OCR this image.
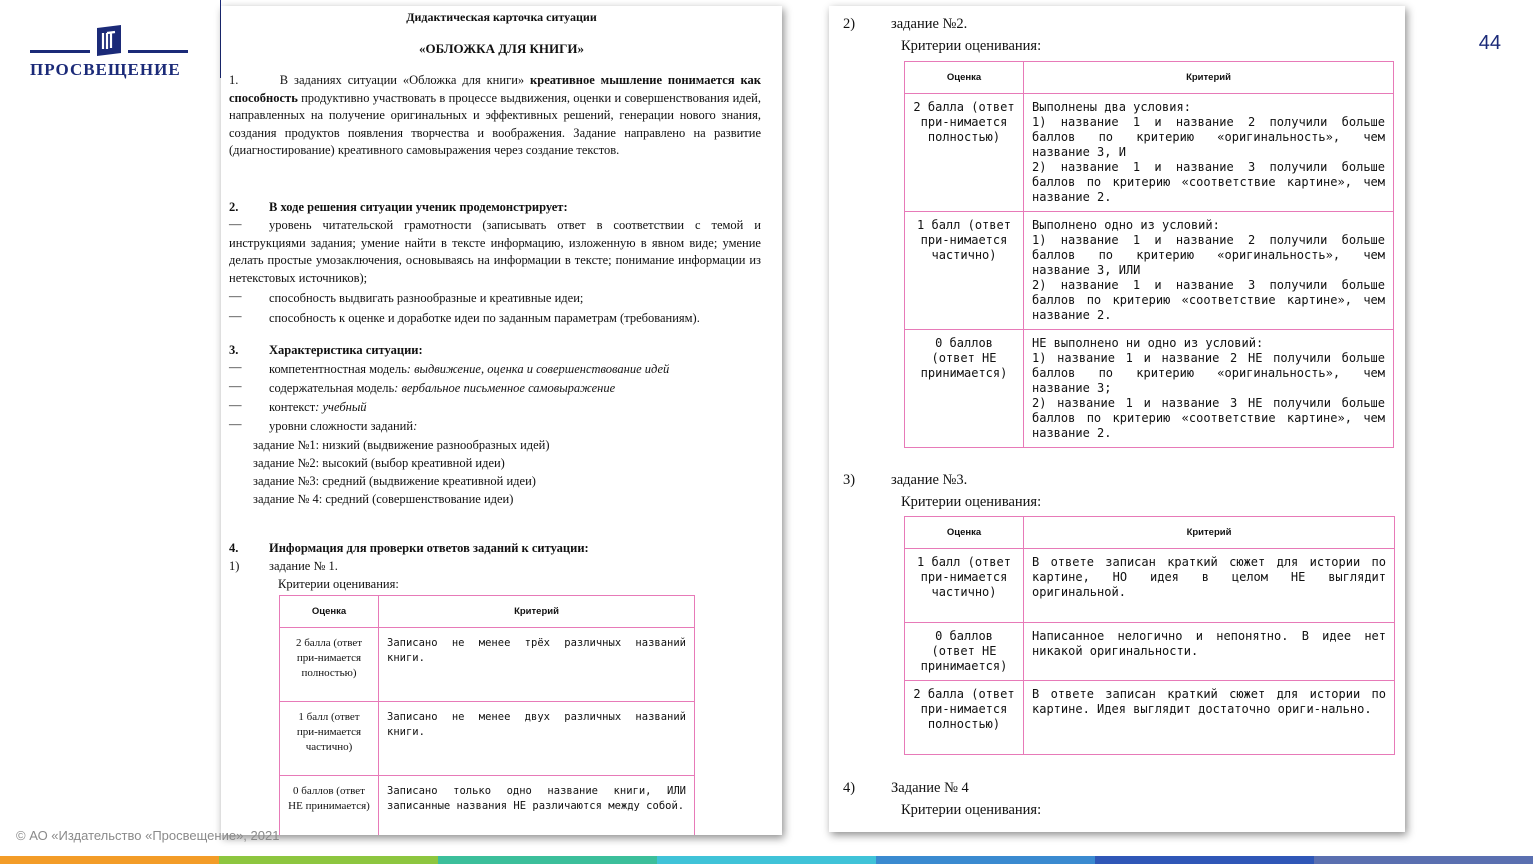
ПРОСВЕЩЕНИЕ
44
Дидактическая карточка ситуации
«ОБЛОЖКА ДЛЯ КНИГИ»
1.	В заданиях ситуации «Обложка для книги» креативное мышление понимается как способность продуктивно участвовать в процессе выдвижения, оценки и совершенствования идей, направленных на получение оригинальных и эффективных решений, генерации нового знания, создания продуктов появления творчества и воображения. Задание направлено на развитие (диагностирование) креативного самовыражения через создание текстов.
2. В ходе решения ситуации ученик продемонстрирует:
—	уровень читательской грамотности (записывать ответ в соответствии с темой и инструкциями задания; умение найти в тексте информацию, изложенную в явном виде; умение делать простые умозаключения, основываясь на информации в тексте; понимание информации из нетекстовых источников);
— способность выдвигать разнообразные и креативные идеи;
— способность к оценке и доработке идеи по заданным параметрам (требованиям).
3. Характеристика ситуации:
— компетентностная модель: выдвижение, оценка и совершенствование идей
— содержательная модель: вербальное письменное самовыражение
— контекст: учебный
— уровни сложности заданий:
задание №1: низкий (выдвижение разнообразных идей)
задание №2: высокий (выбор креативной идеи)
задание №3: средний (выдвижение креативной идеи)
задание № 4: средний (совершенствование идеи)
4. Информация для проверки ответов заданий к ситуации:
1) задание № 1.
Критерии оценивания:
Оценка	Критерий
2 балла (ответ при-нимается полностью)	Записано не менее трёх различных названий книги.
1 балл (ответ при-нимается частично)	Записано не менее двух различных названий книги.
0 баллов (ответ НЕ принимается)	Записано только одно название книги, ИЛИ записанные названия НЕ различаются между собой.
2) задание №2.
Критерии оценивания:
Оценка	Критерий
2 балла (ответ при-нимается полностью)	Выполнены два условия:
1) название 1 и название 2 получили больше баллов по критерию «оригинальность», чем название 3, И
2) название 1 и название 3 получили больше баллов по критерию «соответствие картине», чем название 2.

1 балл (ответ при-нимается частично)	Выполнено одно из условий:
1) название 1 и название 2 получили больше баллов по критерию «оригинальность», чем название 3, ИЛИ
2) название 1 и название 3 получили больше баллов по критерию «соответствие картине», чем название 2.

0 баллов (ответ НЕ принимается)	НЕ выполнено ни одно из условий:
1) название 1 и название 2 НЕ получили больше баллов по критерию «оригинальность», чем название 3;
2) название 1 и название 3 НЕ получили больше баллов по критерию «соответствие картине», чем название 2.
3) задание №3.
Критерии оценивания:
Оценка	Критерий
1 балл (ответ при-нимается частично)	В ответе записан краткий сюжет для истории по картине, НО идея в целом НЕ выглядит оригинальной.
0 баллов (ответ НЕ принимается)	Написанное нелогично и непонятно. В идее нет никакой оригинальности.
2 балла (ответ при-нимается полностью)	В ответе записан краткий сюжет для истории по картине. Идея выглядит достаточно ориги-нально.
4) Задание № 4
Критерии оценивания:
© АО «Издательство «Просвещение», 2021
